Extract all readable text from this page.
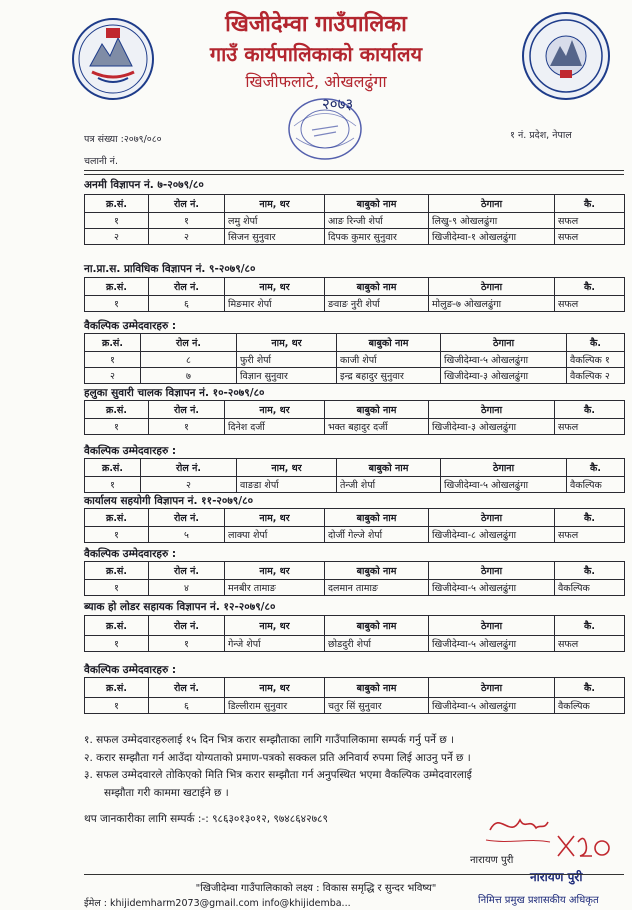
खिजीदेम्वा गाउँपालिका
गाउँ कार्यपालिकाको कार्यालय
खिजीफलाटे, ओखलढुंगा
२०७३
पत्र संख्या :२०७९/०८०
चलानी नं.
१ नं. प्रदेश, नेपाल
अनमी विज्ञापन नं. ७-२०७९/८०
क्र.सं.	रोल नं.	नाम, थर	बाबुको नाम	ठेगाना	कै.
१	१	लमु शेर्पा	आङ रिन्जी शेर्पा	लिखु-९ ओखलढुंगा	सफल
२	२	सिजन सुनुवार	दिपक कुमार सुनुवार	खिजीदेम्वा-१ ओखलढुंगा	सफल
ना.प्रा.स. प्राविधिक विज्ञापन नं. ९-२०७९/८०
क्र.सं.	रोल नं.	नाम, थर	बाबुको नाम	ठेगाना	कै.
१	६	मिङमार शेर्पा	ङवाङ नुरी शेर्पा	मोलुङ-७ ओखलढुंगा	सफल
वैकल्पिक उम्मेदवारहरु :
क्र.सं.	रोल नं.	नाम, थर	बाबुको नाम	ठेगाना	कै.
१	८	फुरी शेर्पा	काजी शेर्पा	खिजीदेम्वा-५ ओखलढुंगा	वैकल्पिक १
२	७	विज्ञान सुनुवार	इन्द्र बहादुर सुनुवार	खिजीदेम्वा-३ ओखलढुंगा	वैकल्पिक २
हलुका सुवारी चालक विज्ञापन नं. १०-२०७९/८०
क्र.सं.	रोल नं.	नाम, थर	बाबुको नाम	ठेगाना	कै.
१	१	दिनेश दर्जी	भक्त बहादुर दर्जी	खिजीदेम्वा-३ ओखलढुंगा	सफल
वैकल्पिक उम्मेदवारहरु :
क्र.सं.	रोल नं.	नाम, थर	बाबुको नाम	ठेगाना	कै.
१	२	वाङडा शेर्पा	तेन्जी शेर्पा	खिजीदेम्वा-५ ओखलढुंगा	वैकल्पिक
कार्यालय सहयोगी विज्ञापन नं. ११-२०७९/८०
क्र.सं.	रोल नं.	नाम, थर	बाबुको नाम	ठेगाना	कै.
१	५	लाक्पा शेर्पा	दोर्जी गेल्जे शेर्पा	खिजीदेम्वा-८ ओखलढुंगा	सफल
वैकल्पिक उम्मेदवारहरु :
क्र.सं.	रोल नं.	नाम, थर	बाबुको नाम	ठेगाना	कै.
१	४	मनबीर तामाङ	दलमान तामाङ	खिजीदेम्वा-५ ओखलढुंगा	वैकल्पिक
ब्याक हो लोडर सहायक विज्ञापन नं. १२-२०७९/८०
क्र.सं.	रोल नं.	नाम, थर	बाबुको नाम	ठेगाना	कै.
१	१	गेन्जे शेर्पा	छोडदुरी शेर्पा	खिजीदेम्वा-५ ओखलढुंगा	सफल
वैकल्पिक उम्मेदवारहरु :
क्र.सं.	रोल नं.	नाम, थर	बाबुको नाम	ठेगाना	कै.
१	६	डिल्लीराम सुनुवार	चतुर सिं सुनुवार	खिजीदेम्वा-५ ओखलढुंगा	वैकल्पिक
१. सफल उम्मेदवारहरुलाई १५ दिन भित्र करार सम्झौताका लागि गाउँपालिकामा सम्पर्क गर्नु पर्ने छ ।
२. करार सम्झौता गर्न आउँदा योग्यताको प्रमाण-पत्रको सक्कल प्रति अनिवार्य रुपमा लिई आउनु पर्ने छ ।
३. सफल उम्मेदवारले तोकिएको मिति भित्र करार सम्झौता गर्न अनुपस्थित भएमा वैकल्पिक उम्मेदवारलाई
सम्झौता गरी काममा खटाईने छ ।
थप जानकारीका लागि सम्पर्क :-: ९८६३०१३०१२, ९७४८६४२७८९
नारायण पुरी
नारायण पुरी
"खिजीदेम्वा गाउँपालिकाको लक्ष्य : विकास समृद्धि र सुन्दर भविष्य"
ईमेल : khijidemharm2073@gmail.com info@khijidemba...	निमित्त प्रमुख प्रशासकीय अधिकृत
